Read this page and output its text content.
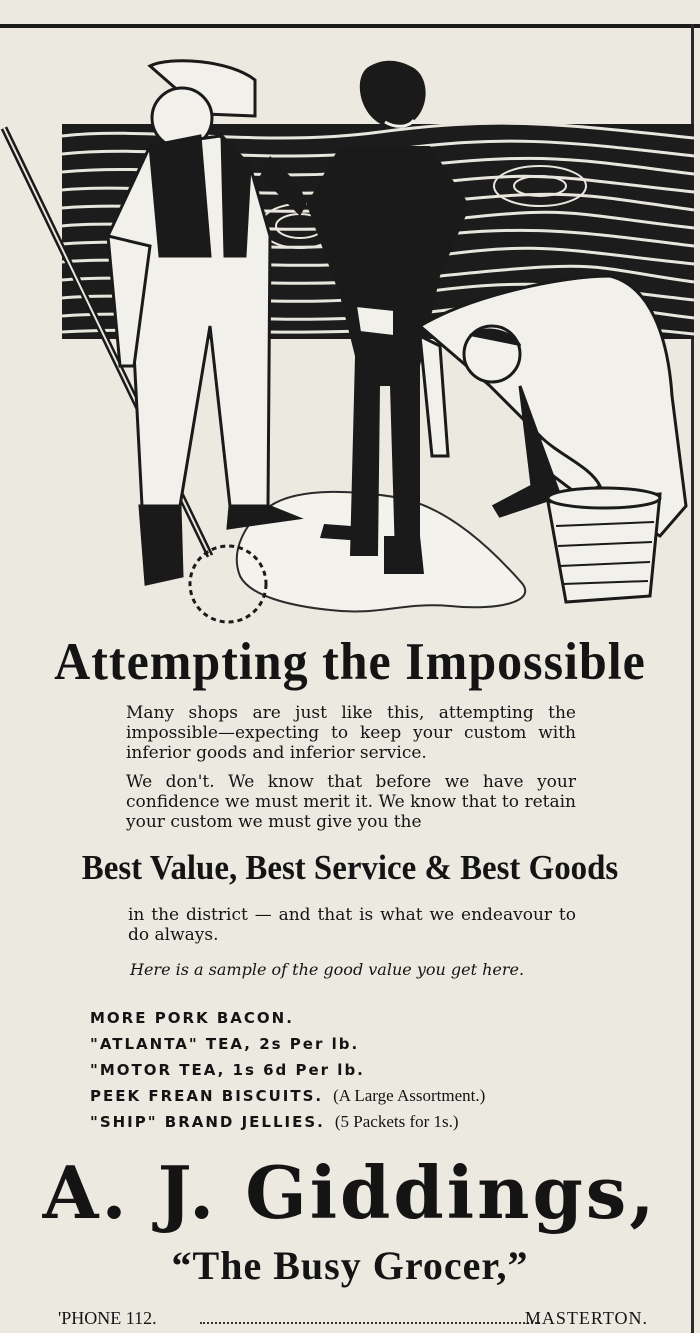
Attempting the Impossible
Many shops are just like this, attempting the impossible—expecting to keep your custom with inferior goods and inferior service.
We don't. We know that before we have your confidence we must merit it. We know that to retain your custom we must give you the
Best Value, Best Service & Best Goods
in the district — and that is what we endeavour to do always.
Here is a sample of the good value you get here.
MORE PORK BACON.
"ATLANTA" TEA, 2s Per lb.
"MOTOR TEA, 1s 6d Per lb.
PEEK FREAN BISCUITS. (A Large Assortment.)
"SHIP" BRAND JELLIES. (5 Packets for 1s.)
A. J. Giddings,
“The Busy Grocer,”
'PHONE 112.	MASTERTON.
